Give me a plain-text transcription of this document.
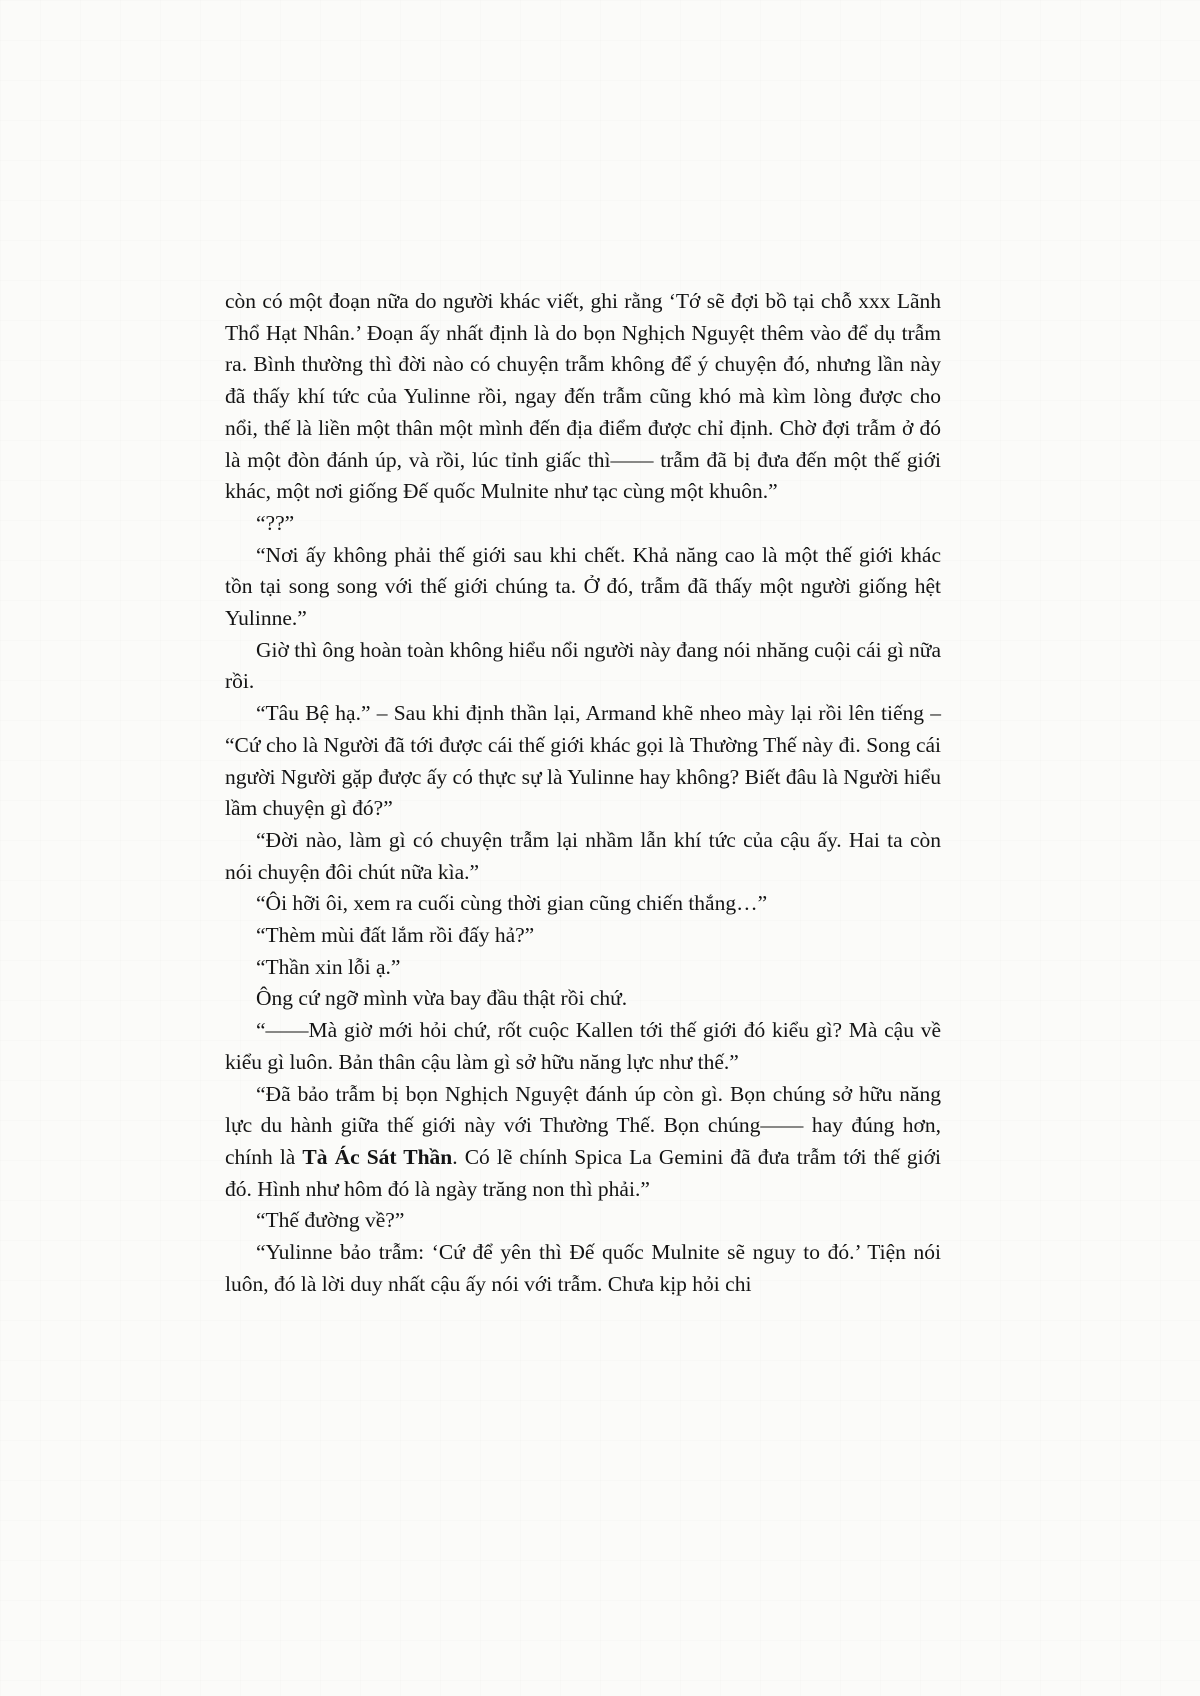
còn có một đoạn nữa do người khác viết, ghi rằng ‘Tớ sẽ đợi bồ tại chỗ xxx Lãnh Thổ Hạt Nhân.’ Đoạn ấy nhất định là do bọn Nghịch Nguyệt thêm vào để dụ trẫm ra. Bình thường thì đời nào có chuyện trẫm không để ý chuyện đó, nhưng lần này đã thấy khí tức của Yulinne rồi, ngay đến trẫm cũng khó mà kìm lòng được cho nổi, thế là liền một thân một mình đến địa điểm được chỉ định. Chờ đợi trẫm ở đó là một đòn đánh úp, và rồi, lúc tỉnh giấc thì—— trẫm đã bị đưa đến một thế giới khác, một nơi giống Đế quốc Mulnite như tạc cùng một khuôn.”

“??”

“Nơi ấy không phải thế giới sau khi chết. Khả năng cao là một thế giới khác tồn tại song song với thế giới chúng ta. Ở đó, trẫm đã thấy một người giống hệt Yulinne.”

Giờ thì ông hoàn toàn không hiểu nổi người này đang nói nhăng cuội cái gì nữa rồi.

“Tâu Bệ hạ.” – Sau khi định thần lại, Armand khẽ nheo mày lại rồi lên tiếng – “Cứ cho là Người đã tới được cái thế giới khác gọi là Thường Thế này đi. Song cái người Người gặp được ấy có thực sự là Yulinne hay không? Biết đâu là Người hiểu lầm chuyện gì đó?”

“Đời nào, làm gì có chuyện trẫm lại nhầm lẫn khí tức của cậu ấy. Hai ta còn nói chuyện đôi chút nữa kìa.”

“Ôi hỡi ôi, xem ra cuối cùng thời gian cũng chiến thắng…”

“Thèm mùi đất lắm rồi đấy hả?”

“Thần xin lỗi ạ.”

Ông cứ ngỡ mình vừa bay đầu thật rồi chứ.

“——Mà giờ mới hỏi chứ, rốt cuộc Kallen tới thế giới đó kiểu gì? Mà cậu về kiểu gì luôn. Bản thân cậu làm gì sở hữu năng lực như thế.”

“Đã bảo trẫm bị bọn Nghịch Nguyệt đánh úp còn gì. Bọn chúng sở hữu năng lực du hành giữa thế giới này với Thường Thế. Bọn chúng—— hay đúng hơn, chính là Tà Ác Sát Thần. Có lẽ chính Spica La Gemini đã đưa trẫm tới thế giới đó. Hình như hôm đó là ngày trăng non thì phải.”

“Thế đường về?”

“Yulinne bảo trẫm: ‘Cứ để yên thì Đế quốc Mulnite sẽ nguy to đó.’ Tiện nói luôn, đó là lời duy nhất cậu ấy nói với trẫm. Chưa kịp hỏi chi
